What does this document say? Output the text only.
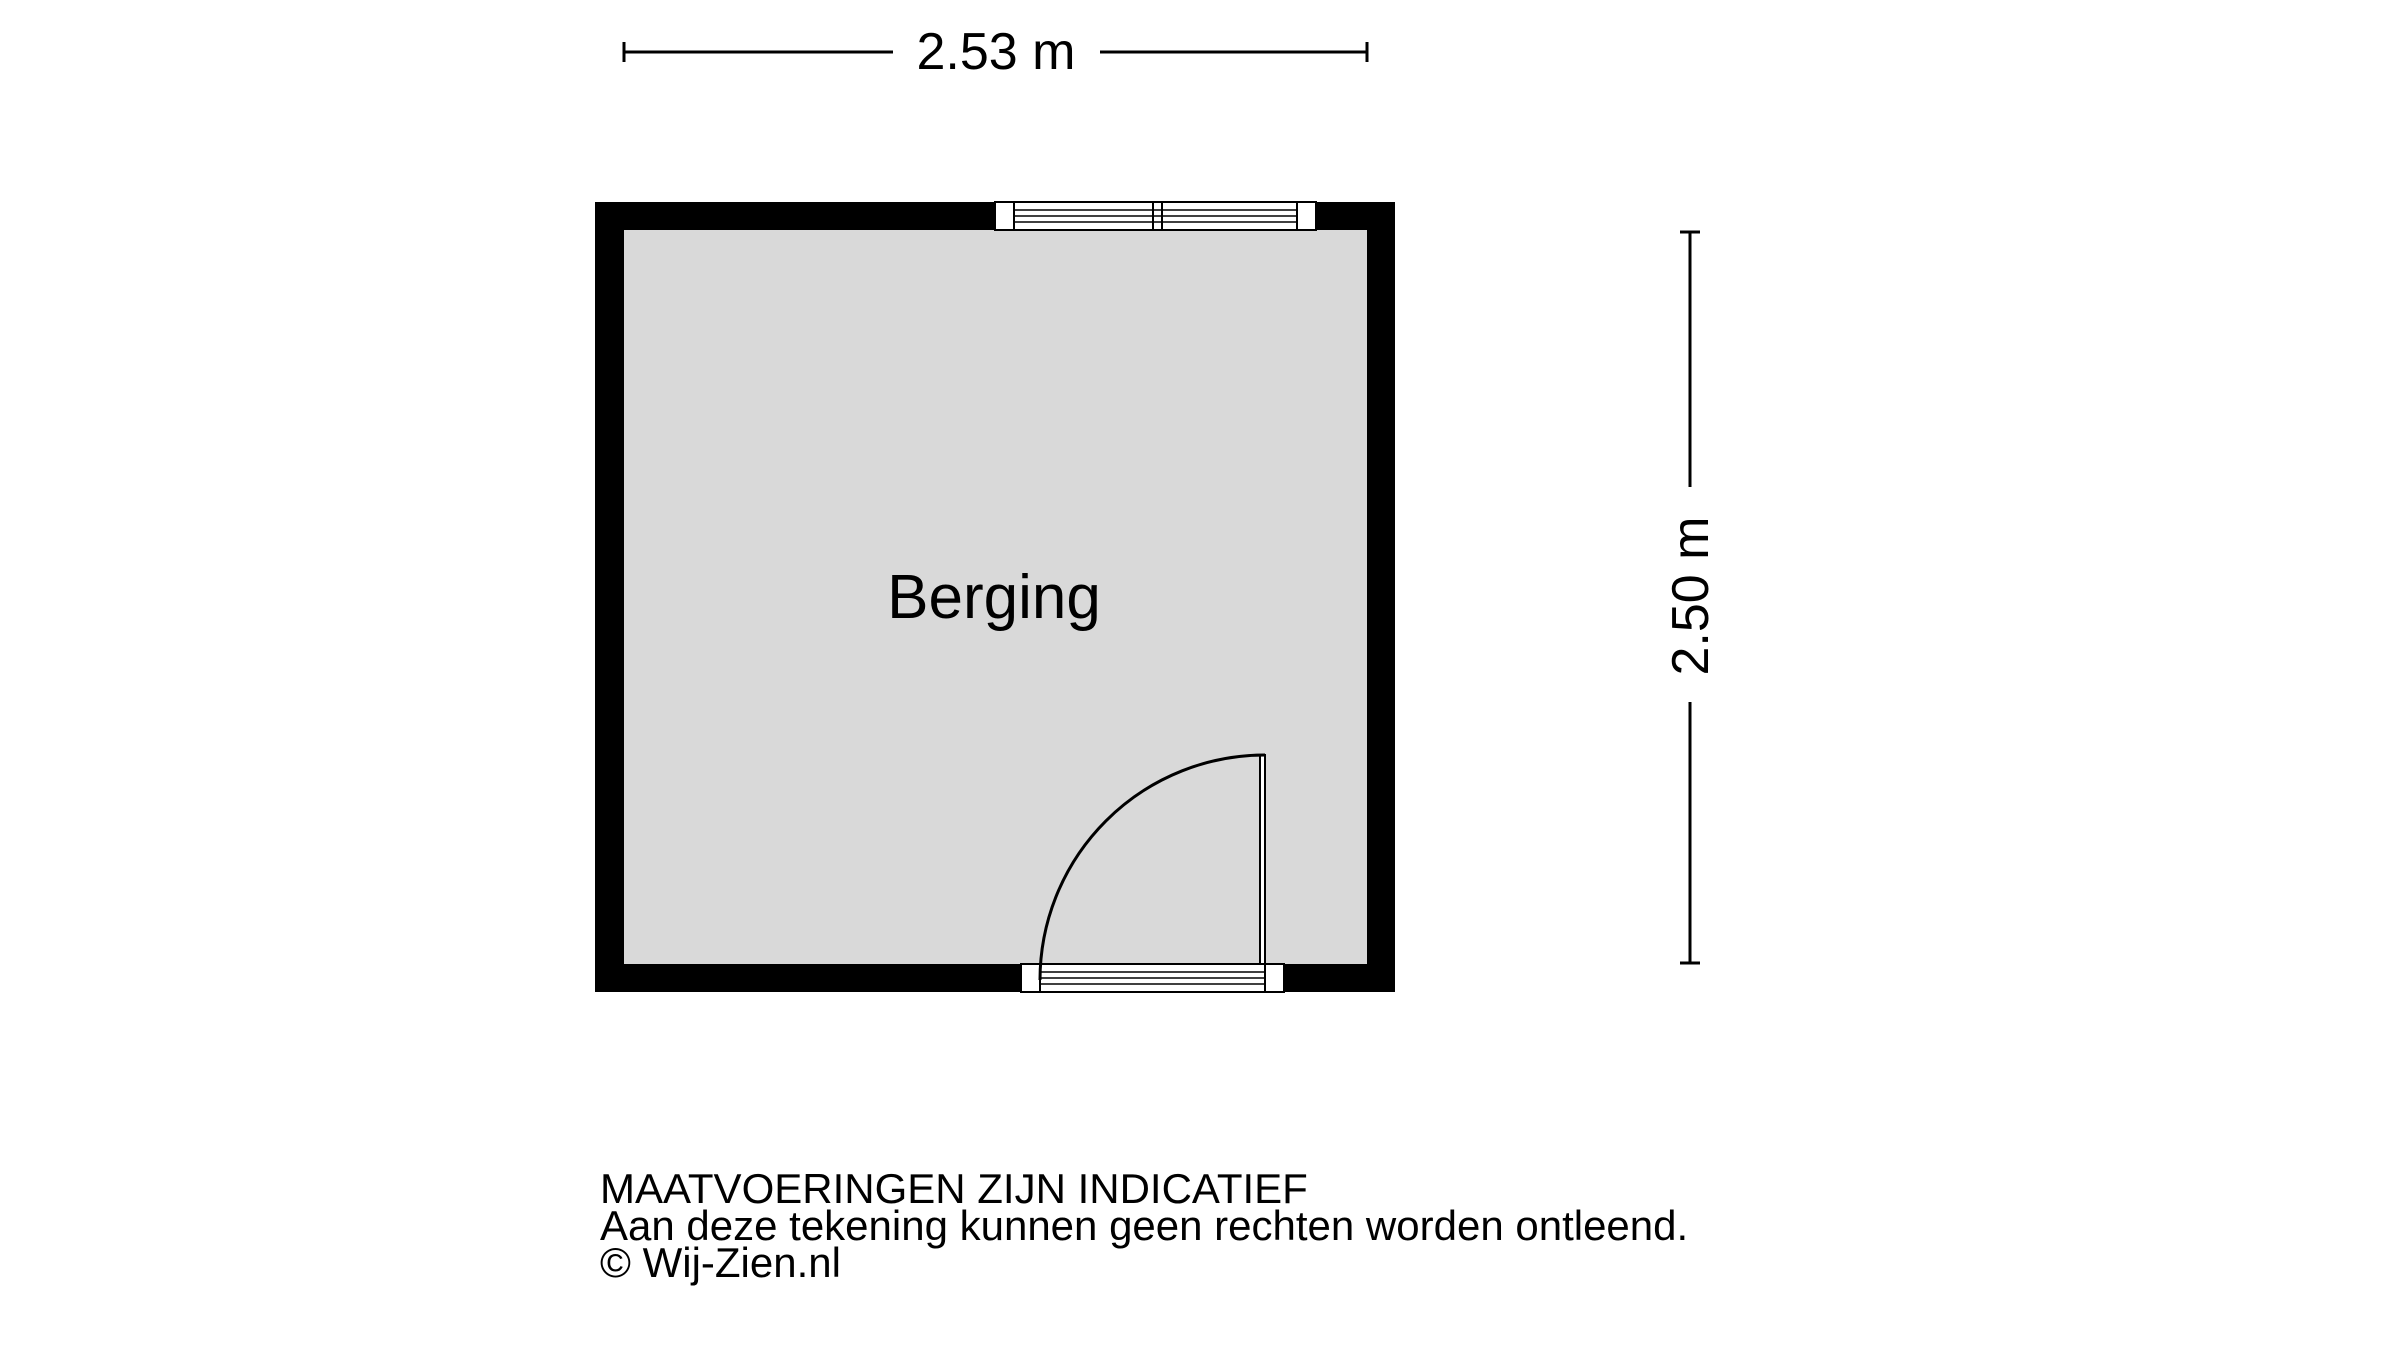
2.53 m
2.50 m
Berging
MAATVOERINGEN ZIJN INDICATIEF
Aan deze tekening kunnen geen rechten worden ontleend.
© Wij-Zien.nl
